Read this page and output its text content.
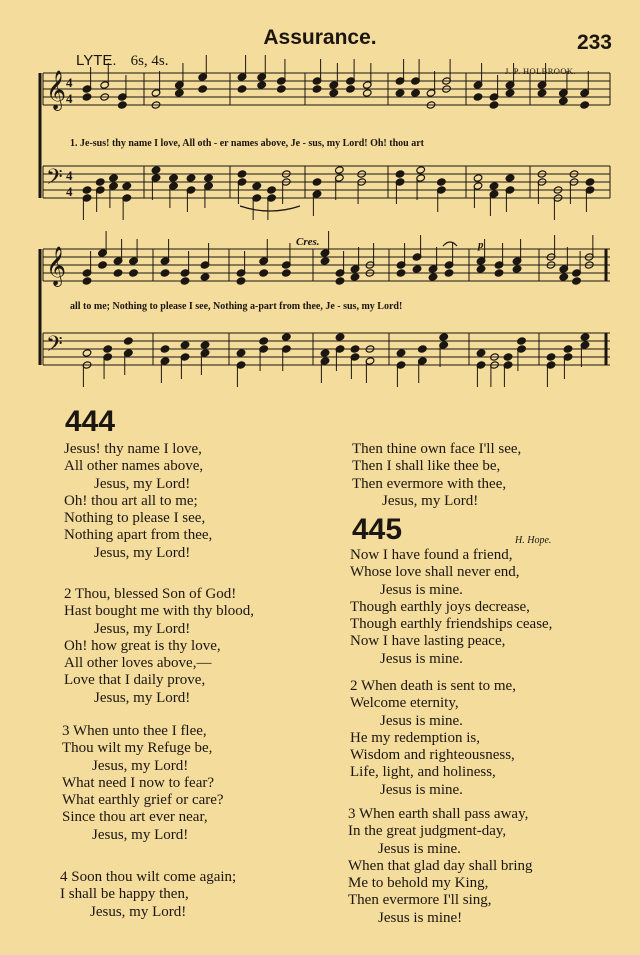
Assurance.	233
LYTE. 6s, 4s.
J. P. HOLBROOK.
𝄞 4
4
𝄢 4
4
𝄞
𝄢
Cres.	p
1. Je-sus! thy name I love, All oth - er names above, Je - sus, my Lord! Oh! thou art
all to me; Nothing to please I see, Nothing a-part from thee, Je - sus, my Lord!
444
Jesus! thy name I love,
All other names above,
Jesus, my Lord!
Oh! thou art all to me;
Nothing to please I see,
Nothing apart from thee,
Jesus, my Lord!
2 Thou, blessed Son of God!
Hast bought me with thy blood,
Jesus, my Lord!
Oh! how great is thy love,
All other loves above,—
Love that I daily prove,
Jesus, my Lord!
3 When unto thee I flee,
Thou wilt my Refuge be,
Jesus, my Lord!
What need I now to fear?
What earthly grief or care?
Since thou art ever near,
Jesus, my Lord!
4 Soon thou wilt come again;
I shall be happy then,
Jesus, my Lord!
Then thine own face I'll see,
Then I shall like thee be,
Then evermore with thee,
Jesus, my Lord!
445	H. Hope.
Now I have found a friend,
Whose love shall never end,
Jesus is mine.
Though earthly joys decrease,
Though earthly friendships cease,
Now I have lasting peace,
Jesus is mine.
2 When death is sent to me,
Welcome eternity,
Jesus is mine.
He my redemption is,
Wisdom and righteousness,
Life, light, and holiness,
Jesus is mine.
3 When earth shall pass away,
In the great judgment-day,
Jesus is mine.
When that glad day shall bring
Me to behold my King,
Then evermore I'll sing,
Jesus is mine!
